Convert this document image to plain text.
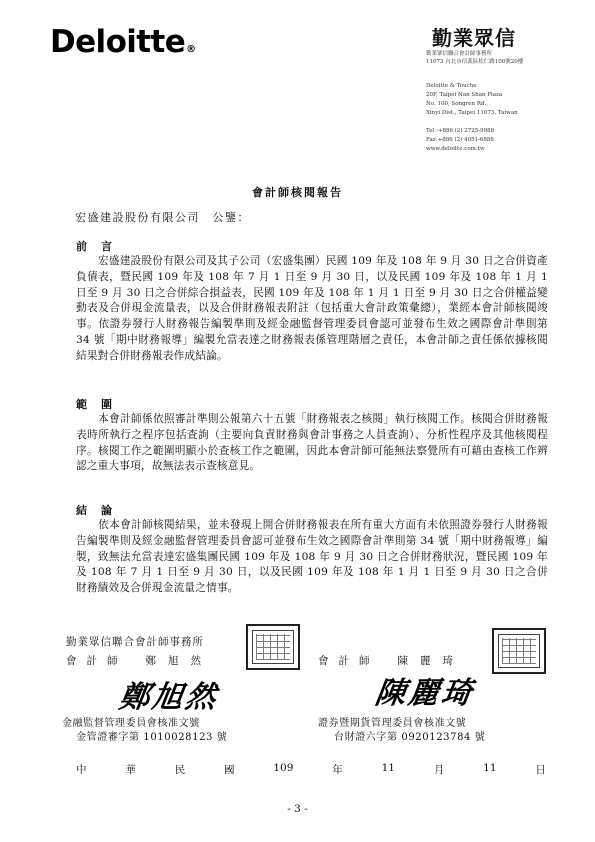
Deloitte®	勤業眾信
勤業眾信聯合會計師事務所
11073 台北市信義區松仁路100號20樓
Deloitte & Touche
20F, Taipei Nan Shan Plaza
No. 100, Songren Rd.,
Xinyi Dist., Taipei 11073, Taiwan

Tel :+886 (2) 2725-9988
Fax:+886 (2) 4051-6888
www.deloitte.com.tw
會計師核閱報告
宏盛建設股份有限公司　公鑒：
前言
宏盛建設股份有限公司及其子公司（宏盛集團）民國 109 年及 108 年 9 月 30 日之合併資產負債表，暨民國 109 年及 108 年 7 月 1 日至 9 月 30 日，以及民國 109 年及 108 年 1 月 1 日至 9 月 30 日之合併綜合損益表，民國 109 年及 108 年 1 月 1 日至 9 月 30 日之合併權益變動表及合併現金流量表，以及合併財務報表附註（包括重大會計政策彙總），業經本會計師核閱竣事。依證券發行人財務報告編製準則及經金融監督管理委員會認可並發布生效之國際會計準則第 34 號「期中財務報導」編製允當表達之財務報表係管理階層之責任，本會計師之責任係依據核閱結果對合併財務報表作成結論。
範圍
本會計師係依照審計準則公報第六十五號「財務報表之核閱」執行核閱工作。核閱合併財務報表時所執行之程序包括查詢（主要向負責財務與會計事務之人員查詢）、分析性程序及其他核閱程序。核閱工作之範圍明顯小於查核工作之範圍，因此本會計師可能無法察覺所有可藉由查核工作辨認之重大事項，故無法表示查核意見。
結論
依本會計師核閱結果，並未發現上開合併財務報表在所有重大方面有未依照證券發行人財務報告編製準則及經金融監督管理委員會認可並發布生效之國際會計準則第 34 號「期中財務報導」編製，致無法允當表達宏盛集團民國 109 年及 108 年 9 月 30 日之合併財務狀況，暨民國 109 年及 108 年 7 月 1 日至 9 月 30 日，以及民國 109 年及 108 年 1 月 1 日至 9 月 30 日之合併財務績效及合併現金流量之情事。
勤業眾信聯合會計師事務所
會計師 鄭旭然	會計師 陳麗琦
鄭旭然	陳麗琦
金融監督管理委員會核准文號
金管證審字第 1010028123 號
證券暨期貨管理委員會核准文號
台財證六字第 0920123784 號
中	華	民	國	109	年	11	月	11	日
- 3 -
